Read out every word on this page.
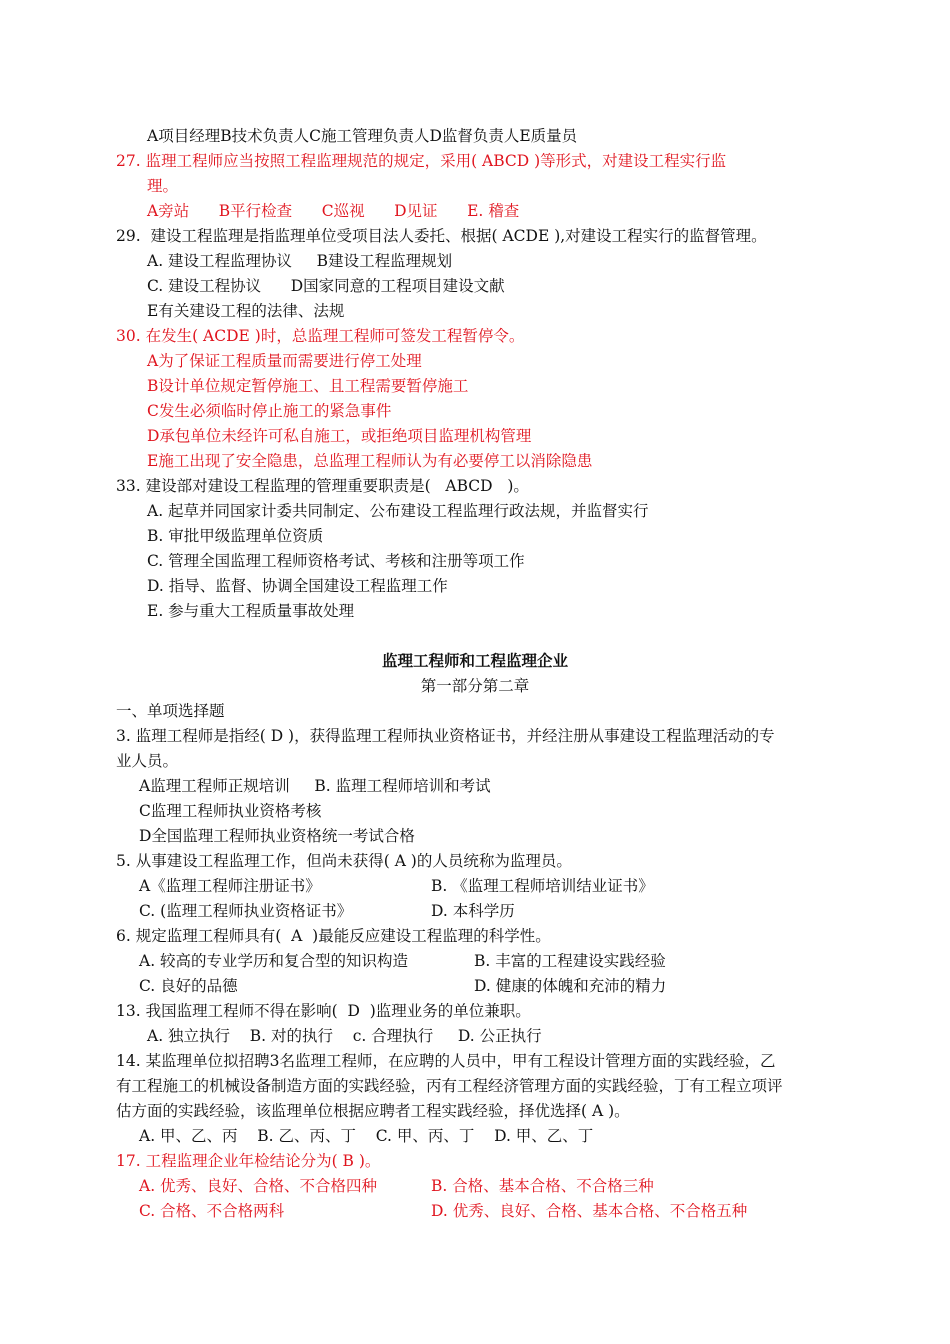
A项目经理B技术负责人C施工管理负责人D监督负责人E质量员
27. 监理工程师应当按照工程监理规范的规定，采用( ABCD )等形式，对建设工程实行监
理。
A旁站      B平行检查      C巡视      D见证      E. 稽查
29.  建设工程监理是指监理单位受项目法人委托、根据( ACDE ),对建设工程实行的监督管理。
A. 建设工程监理协议     B建设工程监理规划
C. 建设工程协议      D国家同意的工程项目建设文献
E有关建设工程的法律、法规
30. 在发生( ACDE )时，总监理工程师可签发工程暂停令。
A为了保证工程质量而需要进行停工处理
B设计单位规定暂停施工、且工程需要暂停施工
C发生必须临时停止施工的紧急事件
D承包单位未经许可私自施工，或拒绝项目监理机构管理
E施工出现了安全隐患，总监理工程师认为有必要停工以消除隐患
33. 建设部对建设工程监理的管理重要职责是(   ABCD   )。
A. 起草并同国家计委共同制定、公布建设工程监理行政法规，并监督实行
B. 审批甲级监理单位资质
C. 管理全国监理工程师资格考试、考核和注册等项工作
D. 指导、监督、协调全国建设工程监理工作
E. 参与重大工程质量事故处理
监理工程师和工程监理企业
第一部分第二章
一、单项选择题
3. 监理工程师是指经( D )，获得监理工程师执业资格证书，并经注册从事建设工程监理活动的专
业人员。
A监理工程师正规培训     B. 监理工程师培训和考试
C监理工程师执业资格考核
D全国监理工程师执业资格统一考试合格
5. 从事建设工程监理工作，但尚未获得( A )的人员统称为监理员。
A《监理工程师注册证书》	B. 《监理工程师培训结业证书》
C. (监理工程师执业资格证书》	D. 本科学历
6. 规定监理工程师具有(  A  )最能反应建设工程监理的科学性。
A. 较高的专业学历和复合型的知识构造	B. 丰富的工程建设实践经验
C. 良好的品德	D. 健康的体魄和充沛的精力
13. 我国监理工程师不得在影响(  D  )监理业务的单位兼职。
A. 独立执行    B. 对的执行    c. 合理执行     D. 公正执行
14. 某监理单位拟招聘3名监理工程师，在应聘的人员中，甲有工程设计管理方面的实践经验，乙
有工程施工的机械设备制造方面的实践经验，丙有工程经济管理方面的实践经验，丁有工程立项评
估方面的实践经验，该监理单位根据应聘者工程实践经验，择优选择( A )。
A. 甲、乙、丙    B. 乙、丙、丁    C. 甲、丙、丁    D. 甲、乙、丁
17. 工程监理企业年检结论分为( B )。
A. 优秀、良好、合格、不合格四种	B. 合格、基本合格、不合格三种
C. 合格、不合格两科	D. 优秀、良好、合格、基本合格、不合格五种
